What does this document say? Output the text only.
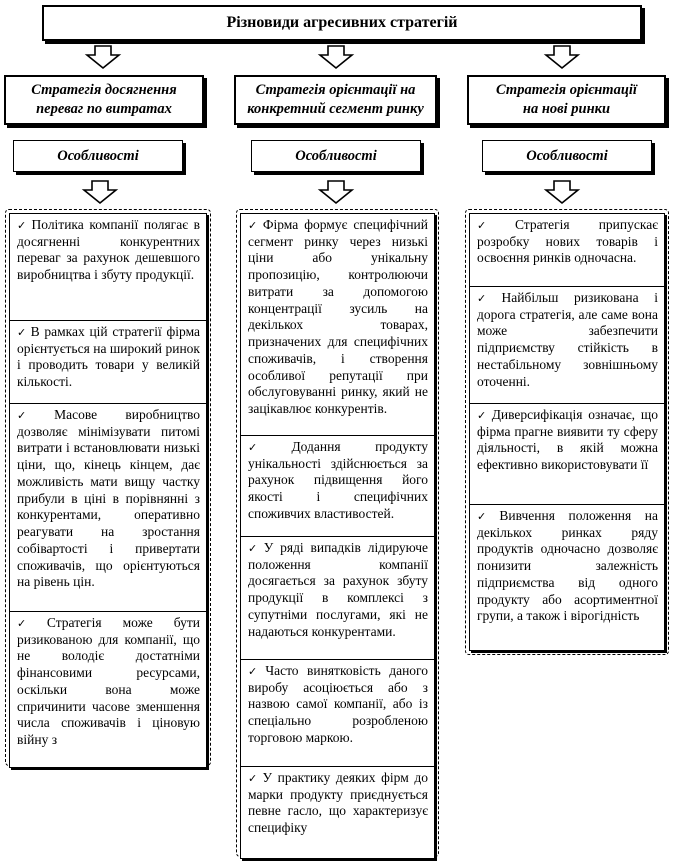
Різновиди агресивних стратегій
Стратегія досягнення переваг по витратах
Стратегія орієнтації на конкретний сегмент ринку
Стратегія орієнтації на нові ринки
Особливості	Особливості	Особливості
✓ Політика компанії полягає в досягненні конкурентних переваг за рахунок дешевшого виробництва і збуту продукції.
✓ В рамках цій стратегії фірма орієнтується на широкий ринок і проводить товари у великій кількості.
✓ Масове виробництво дозволяє мінімізувати питомі витрати і встановлювати низькі ціни, що, кінець кінцем, дає можливість мати вищу частку прибули в ціні в порівнянні з конкурентами, оперативно реагувати на зростання собівартості і привертати споживачів, що орієнтуються на рівень цін.
✓ Стратегія може бути ризикованою для компанії, що не володіє достатніми фінансовими ресурсами, оскільки вона може спричинити часове зменшення числа споживачів і ціновую війну з
✓ Фірма формує специфічний сегмент ринку через низькі ціни або унікальну пропозицію, контролюючи витрати за допомогою концентрації зусиль на декількох товарах, призначених для специфічних споживачів, і створення особливої репутації при обслуговуванні ринку, який не зацікавлює конкурентів.
✓ Додання продукту унікальності здійснюється за рахунок підвищення його якості і специфічних споживчих властивостей.
✓ У ряді випадків лідируюче положення компанії досягається за рахунок збуту продукції в комплексі з супутніми послугами, які не надаються конкурентами.
✓ Часто винятковість даного виробу асоціюється або з назвою самої компанії, або із спеціально розробленою торговою маркою.
✓ У практику деяких фірм до марки продукту приєднується певне гасло, що характеризує специфіку
✓ Стратегія припускає розробку нових товарів і освоєння ринків одночасна.
✓ Найбільш ризикована і дорога стратегія, але саме вона може забезпечити підприємству стійкість в нестабільному зовнішньому оточенні.
✓ Диверсифікація означає, що фірма прагне виявити ту сферу діяльності, в якій можна ефективно використовувати її
✓ Вивчення положення на декількох ринках ряду продуктів одночасно дозволяє понизити залежність підприємства від одного продукту або асортиментної групи, а також і вірогідність
